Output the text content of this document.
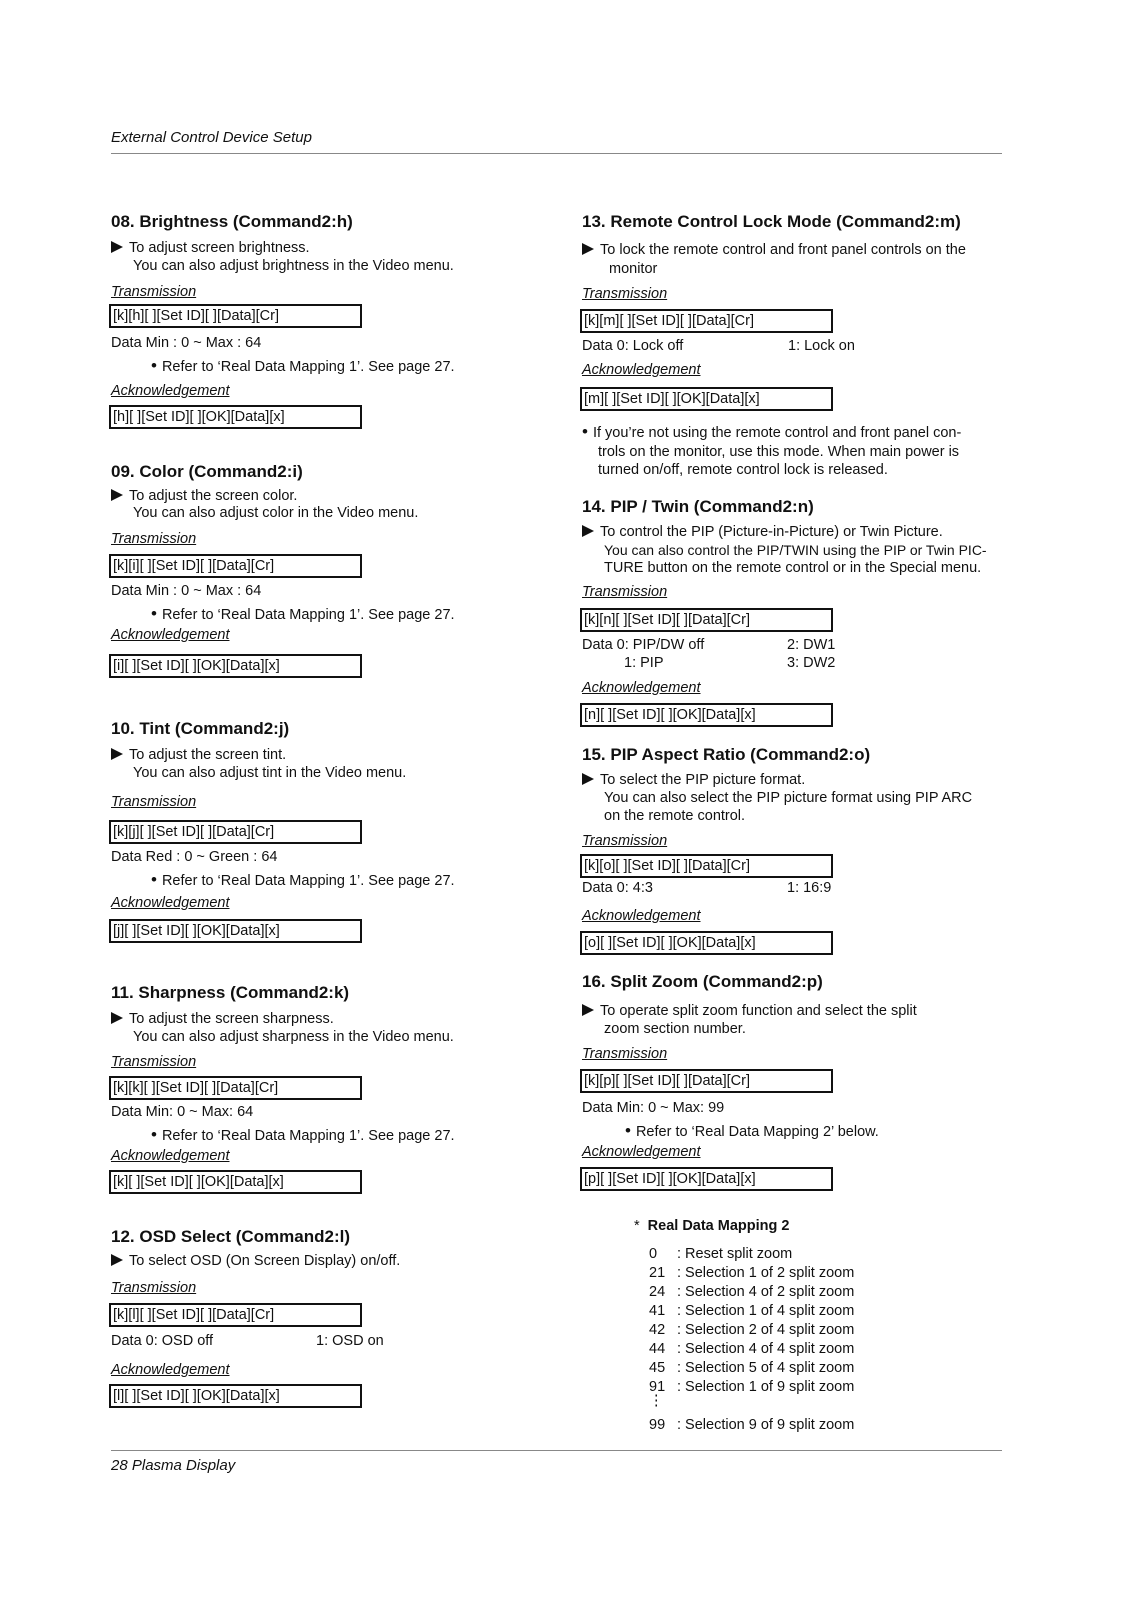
External Control Device Setup
08. Brightness (Command2:h)
To adjust screen brightness.
You can also adjust brightness in the Video menu.
Transmission
[k][h][ ][Set ID][ ][Data][Cr]
Data Min : 0 ~ Max : 64
• Refer to ‘Real Data Mapping 1’. See page 27.
Acknowledgement
[h][ ][Set ID][ ][OK][Data][x]
09. Color (Command2:i)
To adjust the screen color.
You can also adjust color in the Video menu.
Transmission
[k][i][ ][Set ID][ ][Data][Cr]
Data Min : 0 ~ Max : 64
• Refer to ‘Real Data Mapping 1’. See page 27.
Acknowledgement
[i][ ][Set ID][ ][OK][Data][x]
10. Tint (Command2:j)
To adjust the screen tint.
You can also adjust tint in the Video menu.
Transmission
[k][j][ ][Set ID][ ][Data][Cr]
Data Red : 0 ~ Green : 64
• Refer to ‘Real Data Mapping 1’. See page 27.
Acknowledgement
[j][ ][Set ID][ ][OK][Data][x]
11. Sharpness (Command2:k)
To adjust the screen sharpness.
You can also adjust sharpness in the Video menu.
Transmission
[k][k][ ][Set ID][ ][Data][Cr]
Data Min: 0 ~ Max: 64
• Refer to ‘Real Data Mapping 1’. See page 27.
Acknowledgement
[k][ ][Set ID][ ][OK][Data][x]
12. OSD Select (Command2:l)
To select OSD (On Screen Display) on/off.
Transmission
[k][l][ ][Set ID][ ][Data][Cr]
Data 0: OSD off	1: OSD on
Acknowledgement
[l][ ][Set ID][ ][OK][Data][x]
13. Remote Control Lock Mode (Command2:m)
To lock the remote control and front panel controls on the
monitor
Transmission
[k][m][ ][Set ID][ ][Data][Cr]
Data 0: Lock off	1: Lock on
Acknowledgement
[m][ ][Set ID][ ][OK][Data][x]
• If you’re not using the remote control and front panel con-
trols on the monitor, use this mode. When main power is
turned on/off, remote control lock is released.
14. PIP / Twin (Command2:n)
To control the PIP (Picture-in-Picture) or Twin Picture.
You can also control the PIP/TWIN using the PIP or Twin PIC-
TURE button on the remote control or in the Special menu.
Transmission
[k][n][ ][Set ID][ ][Data][Cr]
Data 0: PIP/DW off	2: DW1
1: PIP	3: DW2
Acknowledgement
[n][ ][Set ID][ ][OK][Data][x]
15. PIP Aspect Ratio (Command2:o)
To select the PIP picture format.
You can also select the PIP picture format using PIP ARC
on the remote control.
Transmission
[k][o][ ][Set ID][ ][Data][Cr]
Data 0: 4:3	1: 16:9
Acknowledgement
[o][ ][Set ID][ ][OK][Data][x]
16. Split Zoom (Command2:p)
To operate split zoom function and select the split
zoom section number.
Transmission
[k][p][ ][Set ID][ ][Data][Cr]
Data Min: 0 ~ Max: 99
• Refer to ‘Real Data Mapping 2’ below.
Acknowledgement
[p][ ][Set ID][ ][OK][Data][x]
* Real Data Mapping 2
0 : Reset split zoom
21 : Selection 1 of 2 split zoom
24 : Selection 4 of 2 split zoom
41 : Selection 1 of 4 split zoom
42 : Selection 2 of 4 split zoom
44 : Selection 4 of 4 split zoom
45 : Selection 5 of 4 split zoom
91 : Selection 1 of 9 split zoom
⋮
99 : Selection 9 of 9 split zoom
28 Plasma Display
